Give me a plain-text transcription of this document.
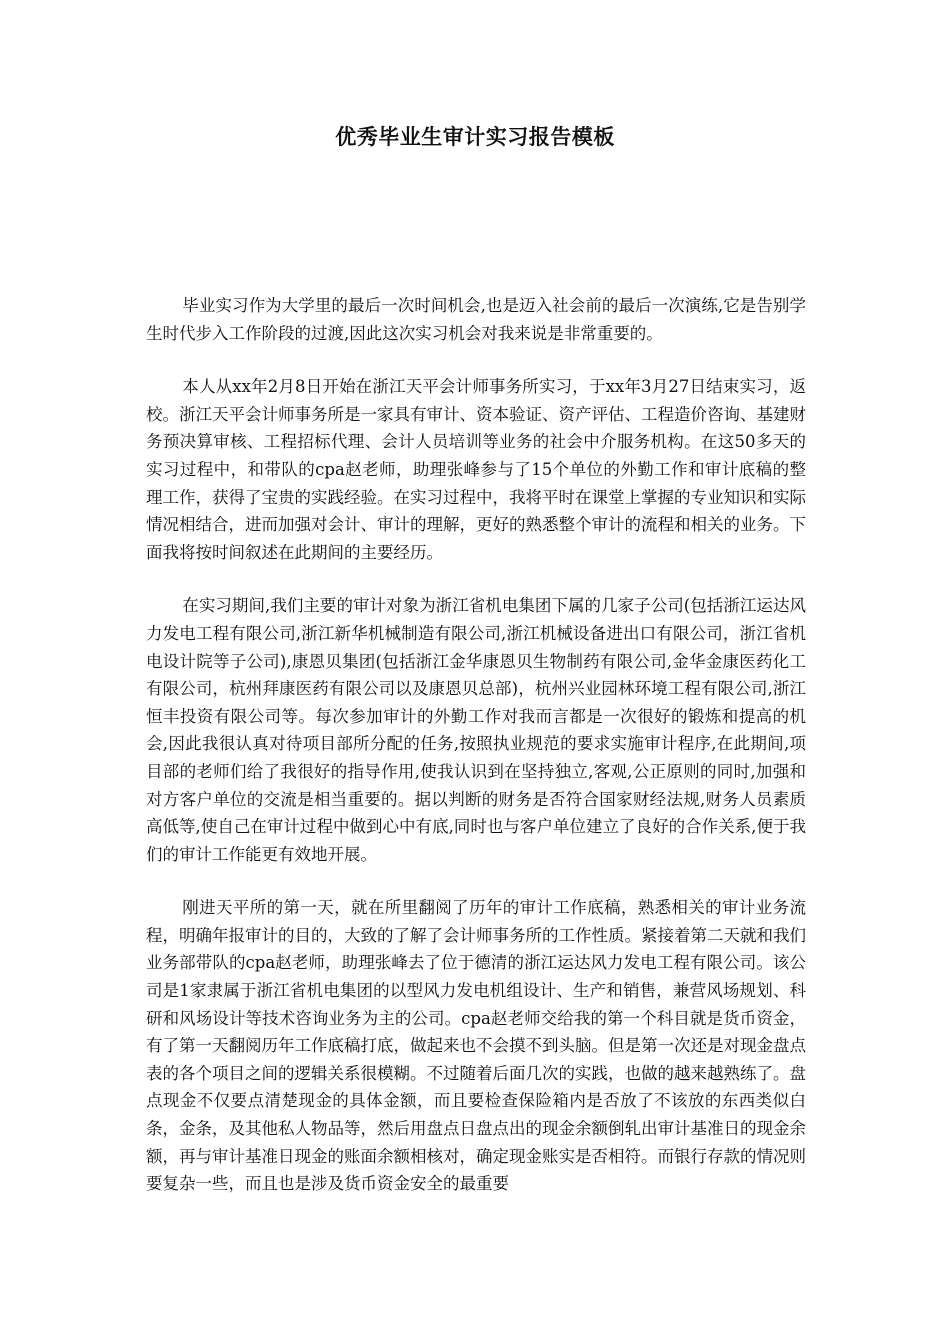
优秀毕业生审计实习报告模板

毕业实习作为大学里的最后一次时间机会,也是迈入社会前的最后一次演练,它是告别学生时代步入工作阶段的过渡,因此这次实习机会对我来说是非常重要的。

本人从xx年2月8日开始在浙江天平会计师事务所实习，于xx年3月27日结束实习，返校。浙江天平会计师事务所是一家具有审计、资本验证、资产评估、工程造价咨询、基建财务预决算审核、工程招标代理、会计人员培训等业务的社会中介服务机构。在这50多天的实习过程中，和带队的cpa赵老师，助理张峰参与了15个单位的外勤工作和审计底稿的整理工作，获得了宝贵的实践经验。在实习过程中，我将平时在课堂上掌握的专业知识和实际情况相结合，进而加强对会计、审计的理解，更好的熟悉整个审计的流程和相关的业务。下面我将按时间叙述在此期间的主要经历。

在实习期间,我们主要的审计对象为浙江省机电集团下属的几家子公司(包括浙江运达风力发电工程有限公司,浙江新华机械制造有限公司,浙江机械设备进出口有限公司，浙江省机电设计院等子公司),康恩贝集团(包括浙江金华康恩贝生物制药有限公司,金华金康医药化工有限公司，杭州拜康医药有限公司以及康恩贝总部)，杭州兴业园林环境工程有限公司,浙江恒丰投资有限公司等。每次参加审计的外勤工作对我而言都是一次很好的锻炼和提高的机会,因此我很认真对待项目部所分配的任务,按照执业规范的要求实施审计程序,在此期间,项目部的老师们给了我很好的指导作用,使我认识到在坚持独立,客观,公正原则的同时,加强和对方客户单位的交流是相当重要的。据以判断的财务是否符合国家财经法规,财务人员素质高低等,使自己在审计过程中做到心中有底,同时也与客户单位建立了良好的合作关系,便于我们的审计工作能更有效地开展。

刚进天平所的第一天，就在所里翻阅了历年的审计工作底稿，熟悉相关的审计业务流程，明确年报审计的目的，大致的了解了会计师事务所的工作性质。紧接着第二天就和我们业务部带队的cpa赵老师，助理张峰去了位于德清的浙江运达风力发电工程有限公司。该公司是1家隶属于浙江省机电集团的以型风力发电机组设计、生产和销售，兼营风场规划、科研和风场设计等技术咨询业务为主的公司。cpa赵老师交给我的第一个科目就是货币资金，有了第一天翻阅历年工作底稿打底，做起来也不会摸不到头脑。但是第一次还是对现金盘点表的各个项目之间的逻辑关系很模糊。不过随着后面几次的实践，也做的越来越熟练了。盘点现金不仅要点清楚现金的具体金额，而且要检查保险箱内是否放了不该放的东西类似白条，金条，及其他私人物品等，然后用盘点日盘点出的现金余额倒轧出审计基准日的现金余额，再与审计基准日现金的账面余额相核对，确定现金账实是否相符。而银行存款的情况则要复杂一些，而且也是涉及货币资金安全的最重要
